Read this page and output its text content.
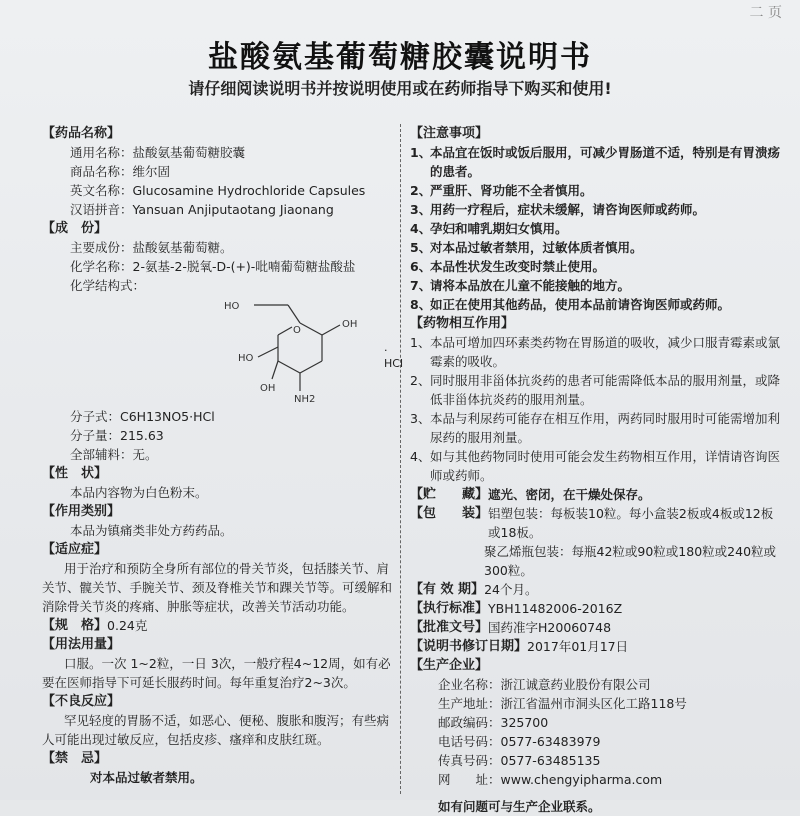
二 页
盐酸氨基葡萄糖胶囊说明书
请仔细阅读说明书并按说明使用或在药师指导下购买和使用!

【药品名称】

通用名称：盐酸氨基葡萄糖胶囊

商品名称：维尔固

英文名称：Glucosamine Hydrochloride Capsules

汉语拼音：Yansuan Anjiputaotang Jiaonang

【成　份】

主要成份：盐酸氨基葡萄糖。

化学名称：2-氨基-2-脱氧-D-(+)-吡喃葡萄糖盐酸盐

化学结构式：

HO
O
OH
HO
OH
NH2
· HCl

分子式：C6H13NO5·HCl

分子量：215.63

全部辅料：无。

【性　状】

本品内容物为白色粉末。

【作用类别】

本品为镇痛类非处方药药品。

【适应症】

用于治疗和预防全身所有部位的骨关节炎，包括膝关节、肩关节、髋关节、手腕关节、颈及脊椎关节和踝关节等。可缓解和消除骨关节炎的疼痛、肿胀等症状，改善关节活动功能。

【规　格】 0.24克

【用法用量】

口服。一次 1~2粒，一日 3次，一般疗程4~12周，如有必要在医师指导下可延长服药时间。每年重复治疗2~3次。

【不良反应】

罕见轻度的胃肠不适，如恶心、便秘、腹胀和腹泻；有些病人可能出现过敏反应，包括皮疹、瘙痒和皮肤红斑。

【禁　忌】

对本品过敏者禁用。

【注意事项】

1、
本品宜在饭时或饭后服用，可减少胃肠道不适，特别是有胃溃疡的患者。
2、
严重肝、肾功能不全者慎用。
3、
用药一疗程后，症状未缓解，请咨询医师或药师。
4、
孕妇和哺乳期妇女慎用。
5、
对本品过敏者禁用，过敏体质者慎用。
6、
本品性状发生改变时禁止使用。
7、
请将本品放在儿童不能接触的地方。
8、
如正在使用其他药品，使用本品前请咨询医师或药师。

【药物相互作用】

1、 本品可增加四环素类药物在胃肠道的吸收，减少口服青霉素或氯霉素的吸收。
2、 同时服用非甾体抗炎药的患者可能需降低本品的服用剂量，或降低非甾体抗炎药的服用剂量。
3、 本品与利尿药可能存在相互作用，两药同时服用时可能需增加利尿药的服用剂量。
4、 如与其他药物同时使用可能会发生药物相互作用，详情请咨询医师或药师。
【贮　　藏】 遮光、密闭，在干燥处保存。
【包　　装】 铝塑包装：每板装10粒。每小盒装2板或4板或12板或18板。

聚乙烯瓶包装：每瓶42粒或90粒或180粒或240粒或300粒。

【有 效 期】 24个月。
【执行标准】 YBH11482006-2016Z
【批准文号】 国药准字H20060748
【说明书修订日期】 2017年01月17日

【生产企业】

企业名称：浙江诚意药业股份有限公司

生产地址：浙江省温州市洞头区化工路118号

邮政编码：325700

电话号码：0577-63483979

传真号码：0577-63485135

网　　址：www.chengyipharma.com

如有问题可与生产企业联系。
